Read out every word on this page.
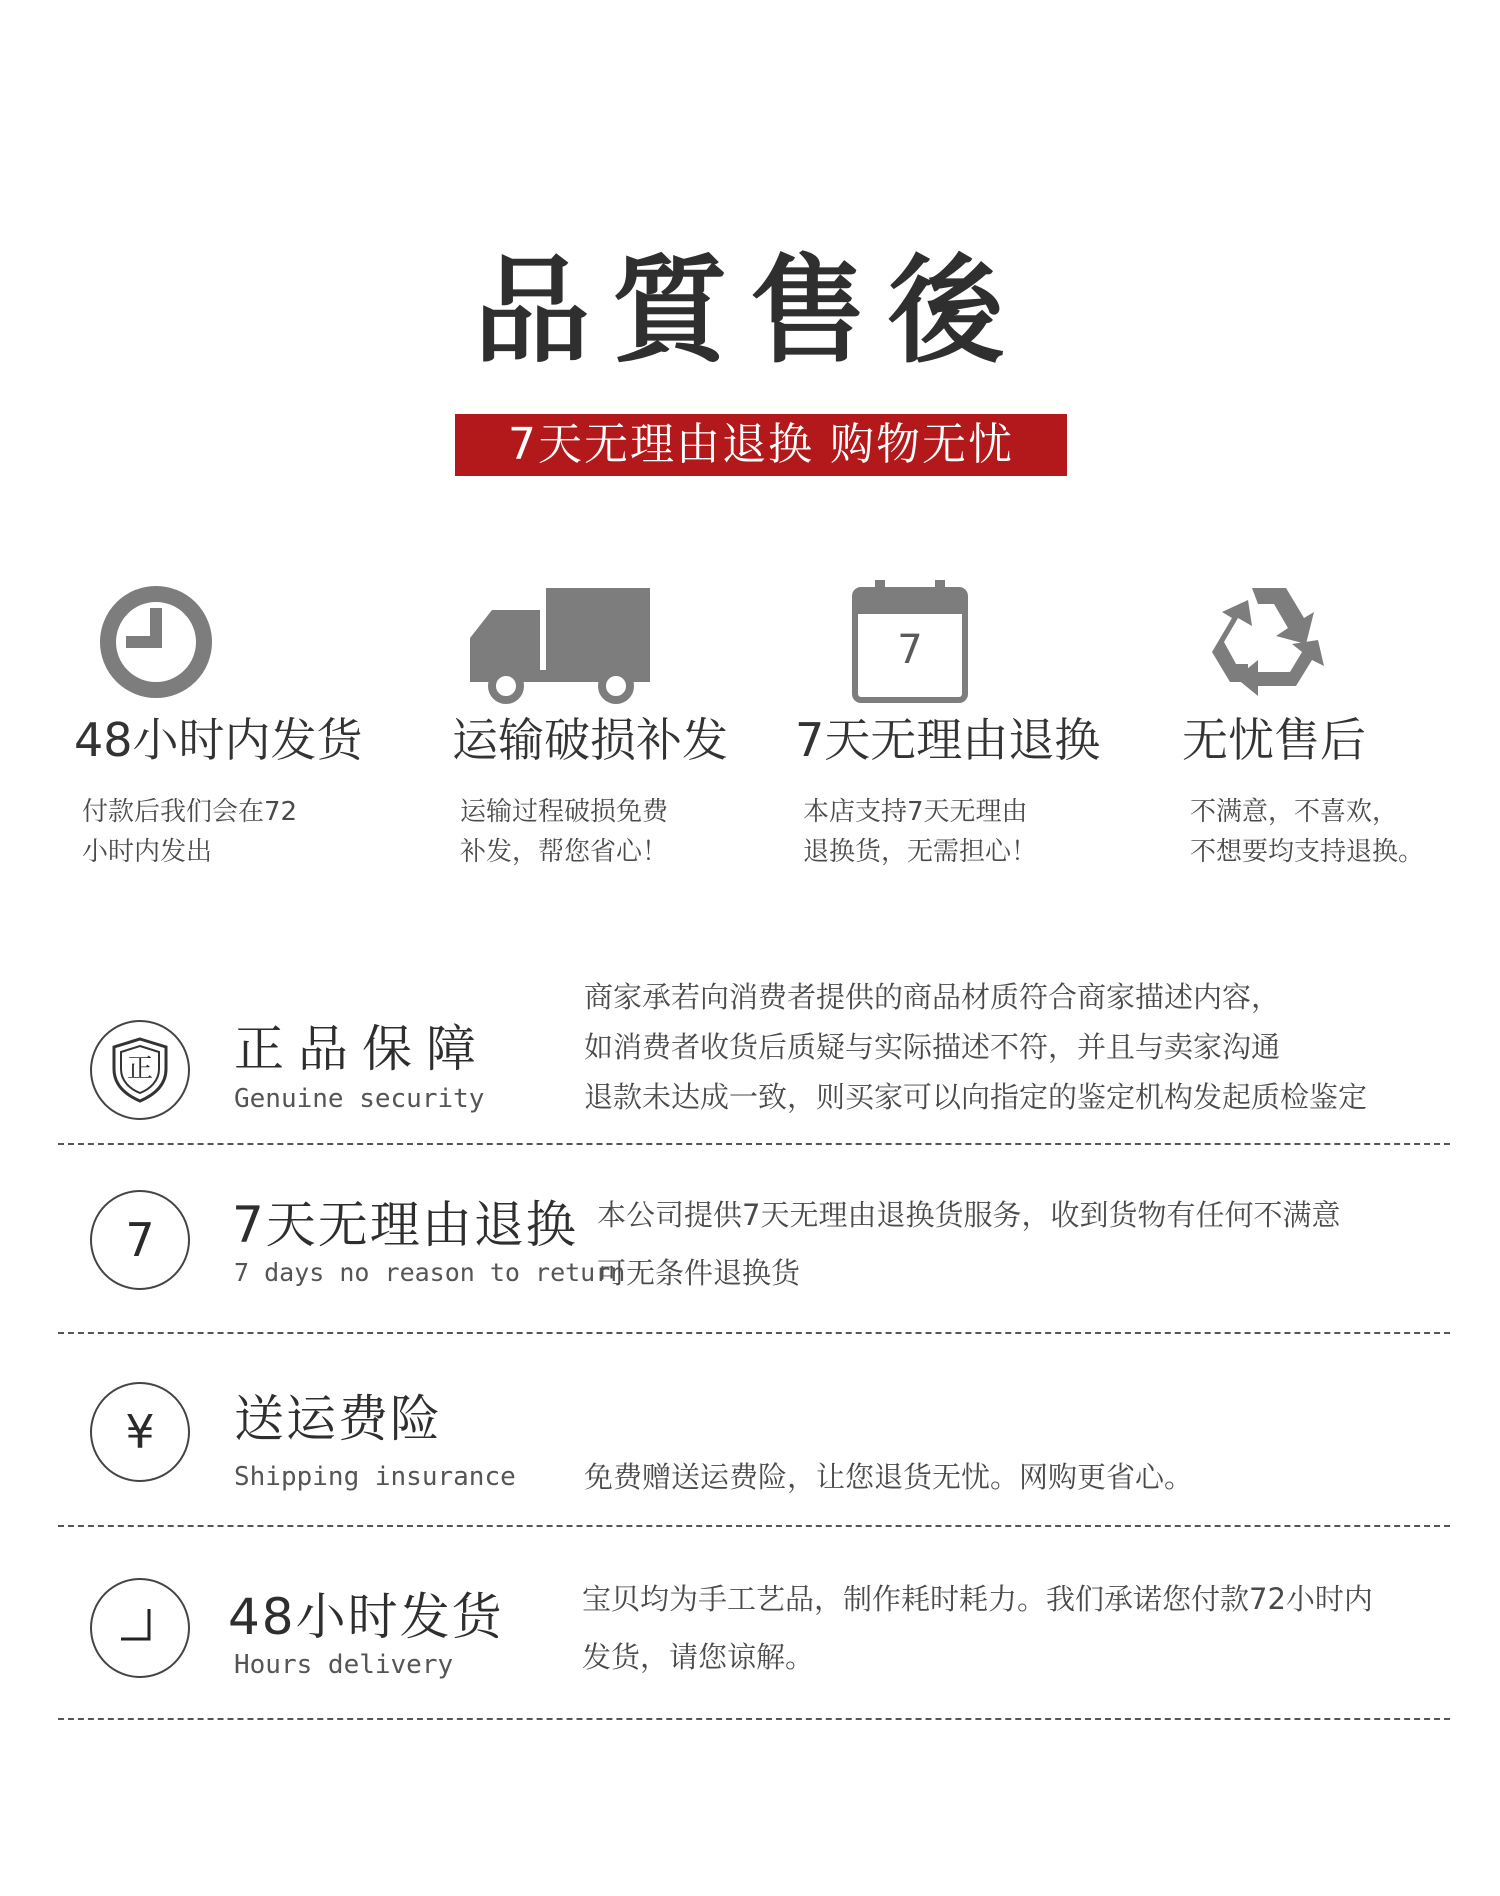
品質售後
7天无理由退换 购物无忧
48小时内发货
付款后我们会在72
小时内发出
运输破损补发
运输过程破损免费
补发，帮您省心！
7
7天无理由退换
本店支持7天无理由
退换货，无需担心！
无忧售后
不满意，不喜欢，
不想要均支持退换。
正	正品保障
Genuine security
商家承若向消费者提供的商品材质符合商家描述内容，
如消费者收货后质疑与实际描述不符，并且与卖家沟通
退款未达成一致，则买家可以向指定的鉴定机构发起质检鉴定
7 7天无理由退换
7 days no reason to return
本公司提供7天无理由退换货服务，收到货物有任何不满意
可无条件退换货
¥ 送运费险
Shipping insurance 免费赠送运费险，让您退货无忧。网购更省心。
48小时发货
Hours delivery
宝贝均为手工艺品，制作耗时耗力。我们承诺您付款72小时内
发货，请您谅解。
